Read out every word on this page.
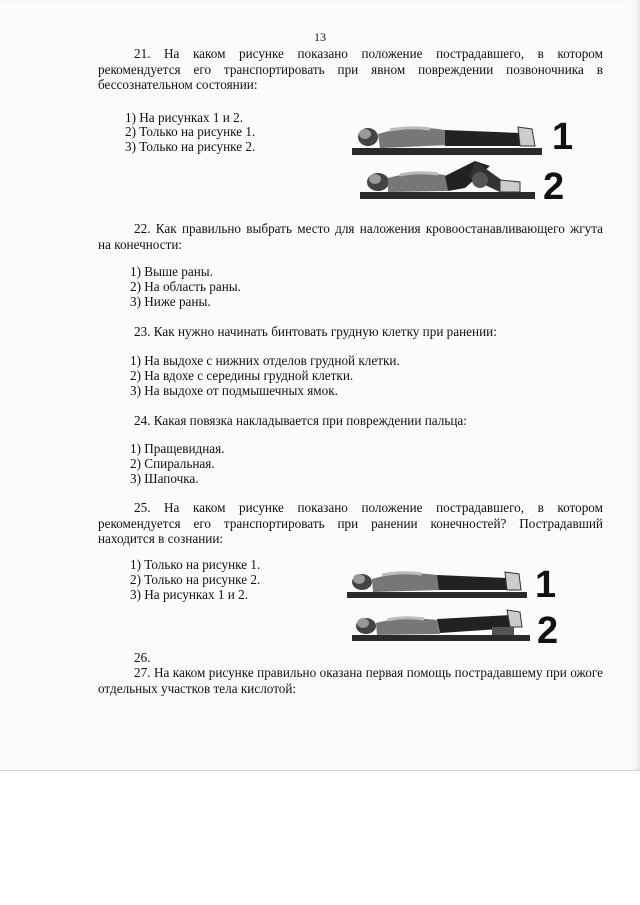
13
21. На каком рисунке показано положение пострадавшего, в котором рекомендуется его транспортировать при явном повреждении позвоночника в бессознательном состоянии:
1) На рисунках 1 и 2.
2) Только на рисунке 1.
3) Только на рисунке 2.	1
2
22. Как правильно выбрать место для наложения кровоостанавливающего жгута на конечности:
1) Выше раны.
2) На область раны.
3) Ниже раны.
23. Как нужно начинать бинтовать грудную клетку при ранении:
1) На выдохе с нижних отделов грудной клетки.
2) На вдохе с середины грудной клетки.
3) На выдохе от подмышечных ямок.
24. Какая повязка накладывается при повреждении пальца:
1) Пращевидная.
2) Спиральная.
3) Шапочка.
25. На каком рисунке показано положение пострадавшего, в котором рекомендуется его транспортировать при ранении конечностей? Пострадавший находится в сознании:
1) Только на рисунке 1.
2) Только на рисунке 2.
3) На рисунках 1 и 2.	1
2
26.
27. На каком рисунке правильно оказана первая помощь пострадавшему при ожоге отдельных участков тела кислотой:
